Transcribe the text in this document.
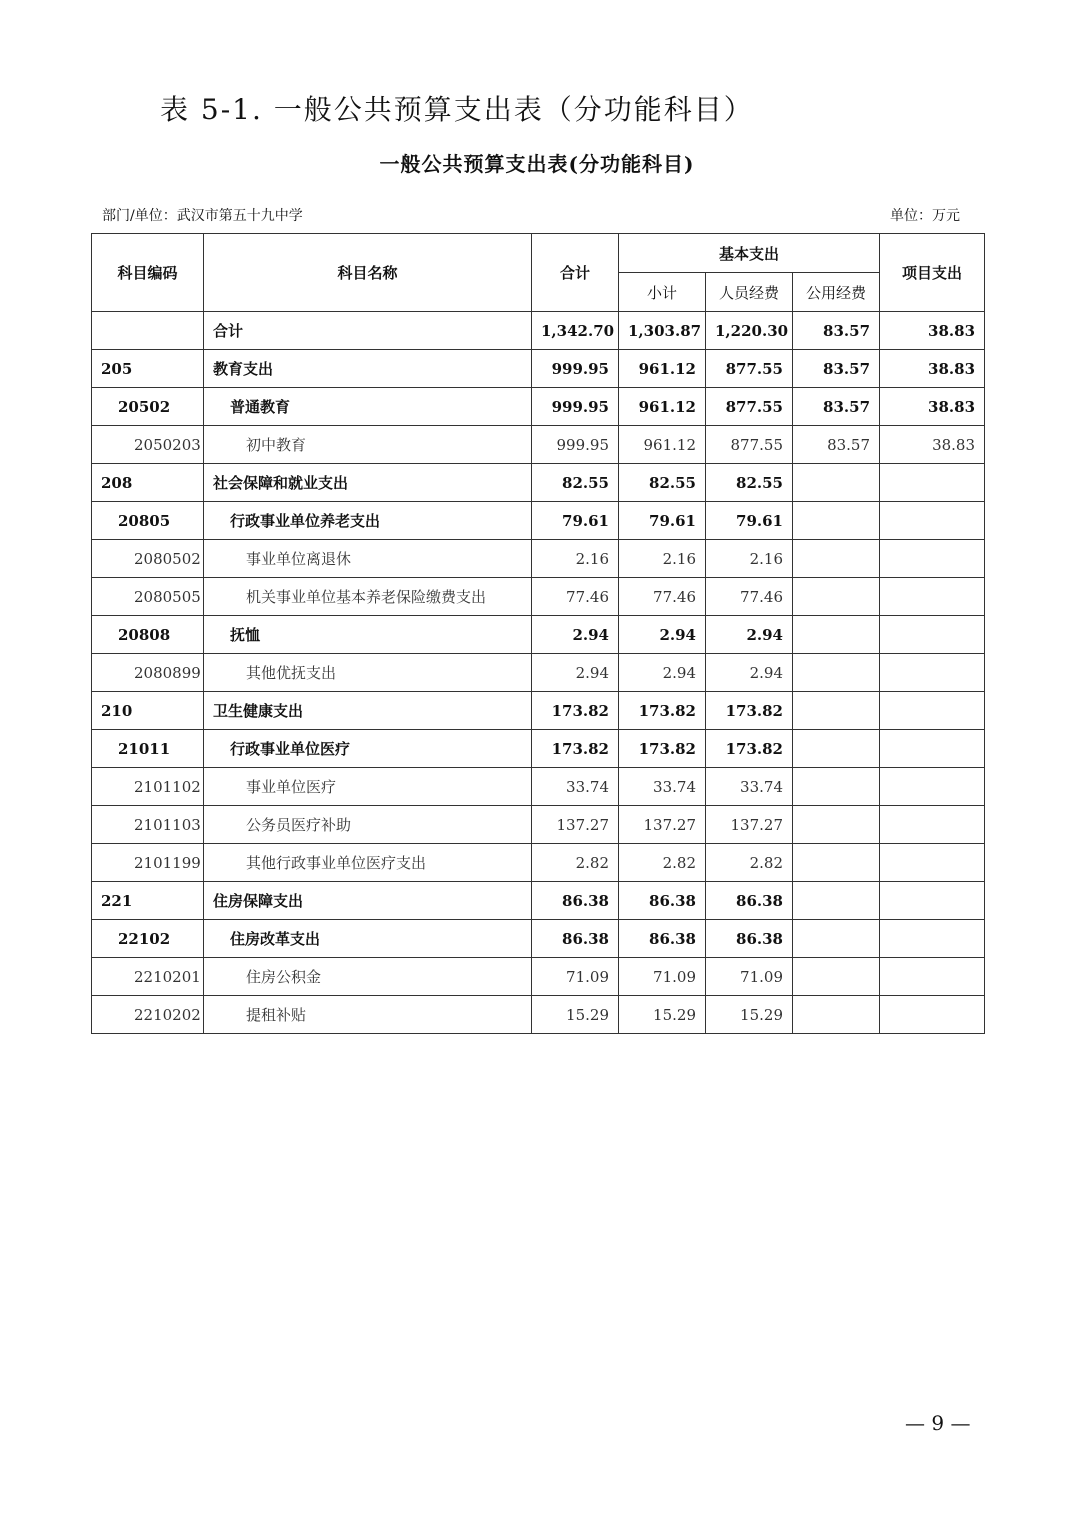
表 5-1. 一般公共预算支出表（分功能科目）
一般公共预算支出表(分功能科目)
部门/单位：武汉市第五十九中学	单位：万元
科目编码	科目名称	合计	基本支出			项目支出
			小计	人员经费	公用经费	
	合计	1,342.70	1,303.87	1,220.30	83.57	38.83
205	教育支出	999.95	961.12	877.55	83.57	38.83
20502	普通教育	999.95	961.12	877.55	83.57	38.83
2050203	初中教育	999.95	961.12	877.55	83.57	38.83
208	社会保障和就业支出	82.55	82.55	82.55		
20805	行政事业单位养老支出	79.61	79.61	79.61		
2080502	事业单位离退休	2.16	2.16	2.16		
2080505	机关事业单位基本养老保险缴费支出	77.46	77.46	77.46		
20808	抚恤	2.94	2.94	2.94		
2080899	其他优抚支出	2.94	2.94	2.94		
210	卫生健康支出	173.82	173.82	173.82		
21011	行政事业单位医疗	173.82	173.82	173.82		
2101102	事业单位医疗	33.74	33.74	33.74		
2101103	公务员医疗补助	137.27	137.27	137.27		
2101199	其他行政事业单位医疗支出	2.82	2.82	2.82		
221	住房保障支出	86.38	86.38	86.38		
22102	住房改革支出	86.38	86.38	86.38		
2210201	住房公积金	71.09	71.09	71.09		
2210202	提租补贴	15.29	15.29	15.29		
— 9 —
